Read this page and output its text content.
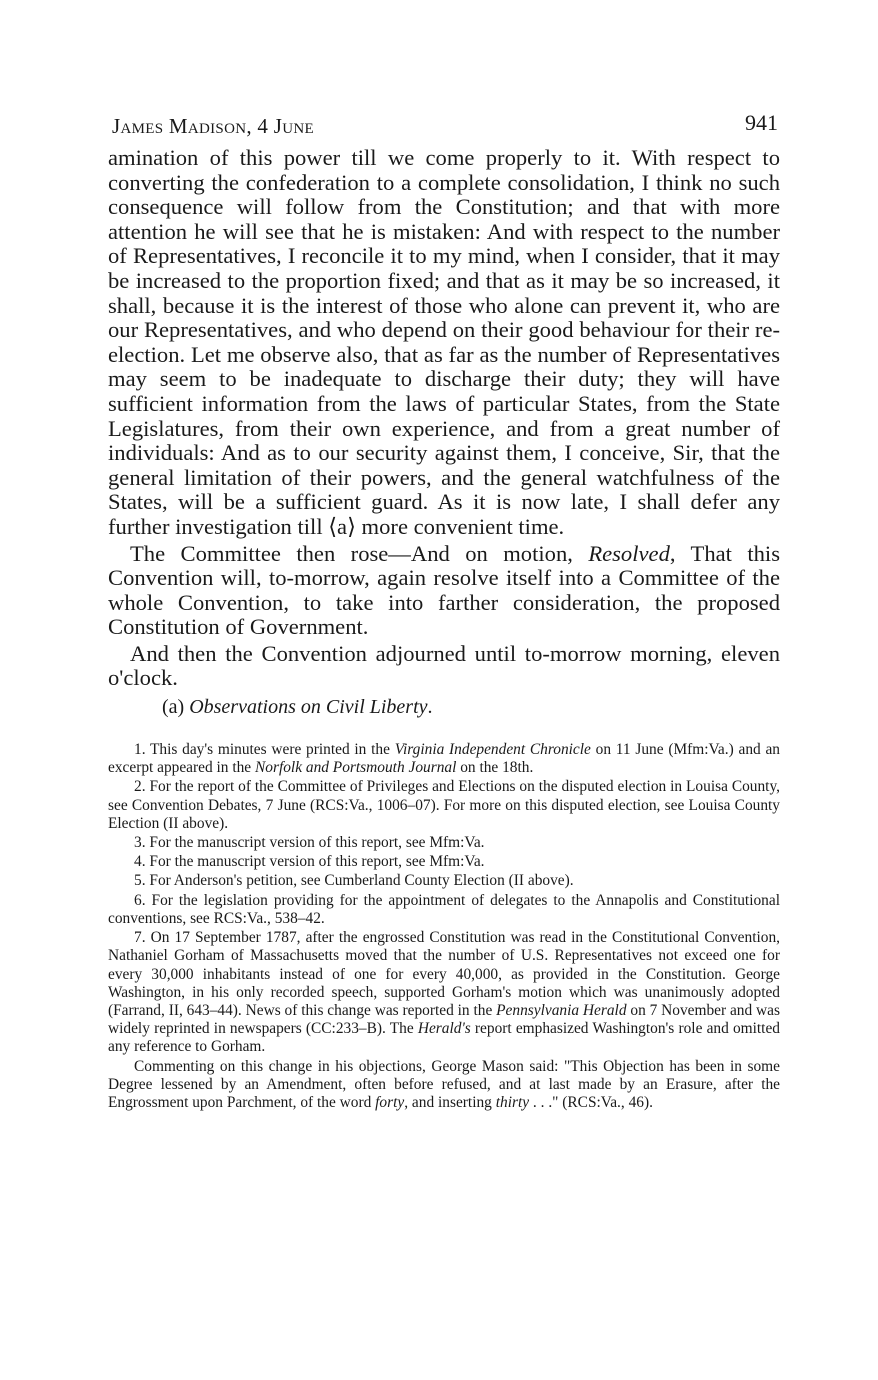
James Madison, 4 June	941

amination of this power till we come properly to it. With respect to converting the confederation to a complete consolidation, I think no such consequence will follow from the Constitution; and that with more attention he will see that he is mistaken: And with respect to the number of Representatives, I reconcile it to my mind, when I consider, that it may be increased to the proportion fixed; and that as it may be so increased, it shall, because it is the interest of those who alone can prevent it, who are our Representatives, and who depend on their good behaviour for their re-election. Let me observe also, that as far as the number of Representatives may seem to be inadequate to discharge their duty; they will have sufficient information from the laws of particular States, from the State Legislatures, from their own experience, and from a great number of individuals: And as to our security against them, I conceive, Sir, that the general limitation of their powers, and the general watchfulness of the States, will be a sufficient guard. As it is now late, I shall defer any further investigation till ⟨a⟩ more convenient time.

The Committee then rose—And on motion, Resolved, That this Convention will, to-morrow, again resolve itself into a Committee of the whole Convention, to take into farther consideration, the proposed Constitution of Government.

And then the Convention adjourned until to-morrow morning, eleven o'clock.

(a) Observations on Civil Liberty.

1. This day's minutes were printed in the Virginia Independent Chronicle on 11 June (Mfm:Va.) and an excerpt appeared in the Norfolk and Portsmouth Journal on the 18th.

2. For the report of the Committee of Privileges and Elections on the disputed election in Louisa County, see Convention Debates, 7 June (RCS:Va., 1006–07). For more on this disputed election, see Louisa County Election (II above).

3. For the manuscript version of this report, see Mfm:Va.

4. For the manuscript version of this report, see Mfm:Va.

5. For Anderson's petition, see Cumberland County Election (II above).

6. For the legislation providing for the appointment of delegates to the Annapolis and Constitutional conventions, see RCS:Va., 538–42.

7. On 17 September 1787, after the engrossed Constitution was read in the Constitutional Convention, Nathaniel Gorham of Massachusetts moved that the number of U.S. Representatives not exceed one for every 30,000 inhabitants instead of one for every 40,000, as provided in the Constitution. George Washington, in his only recorded speech, supported Gorham's motion which was unanimously adopted (Farrand, II, 643–44). News of this change was reported in the Pennsylvania Herald on 7 November and was widely reprinted in newspapers (CC:233–B). The Herald's report emphasized Washington's role and omitted any reference to Gorham.

Commenting on this change in his objections, George Mason said: "This Objection has been in some Degree lessened by an Amendment, often before refused, and at last made by an Erasure, after the Engrossment upon Parchment, of the word forty, and inserting thirty . . ." (RCS:Va., 46).
